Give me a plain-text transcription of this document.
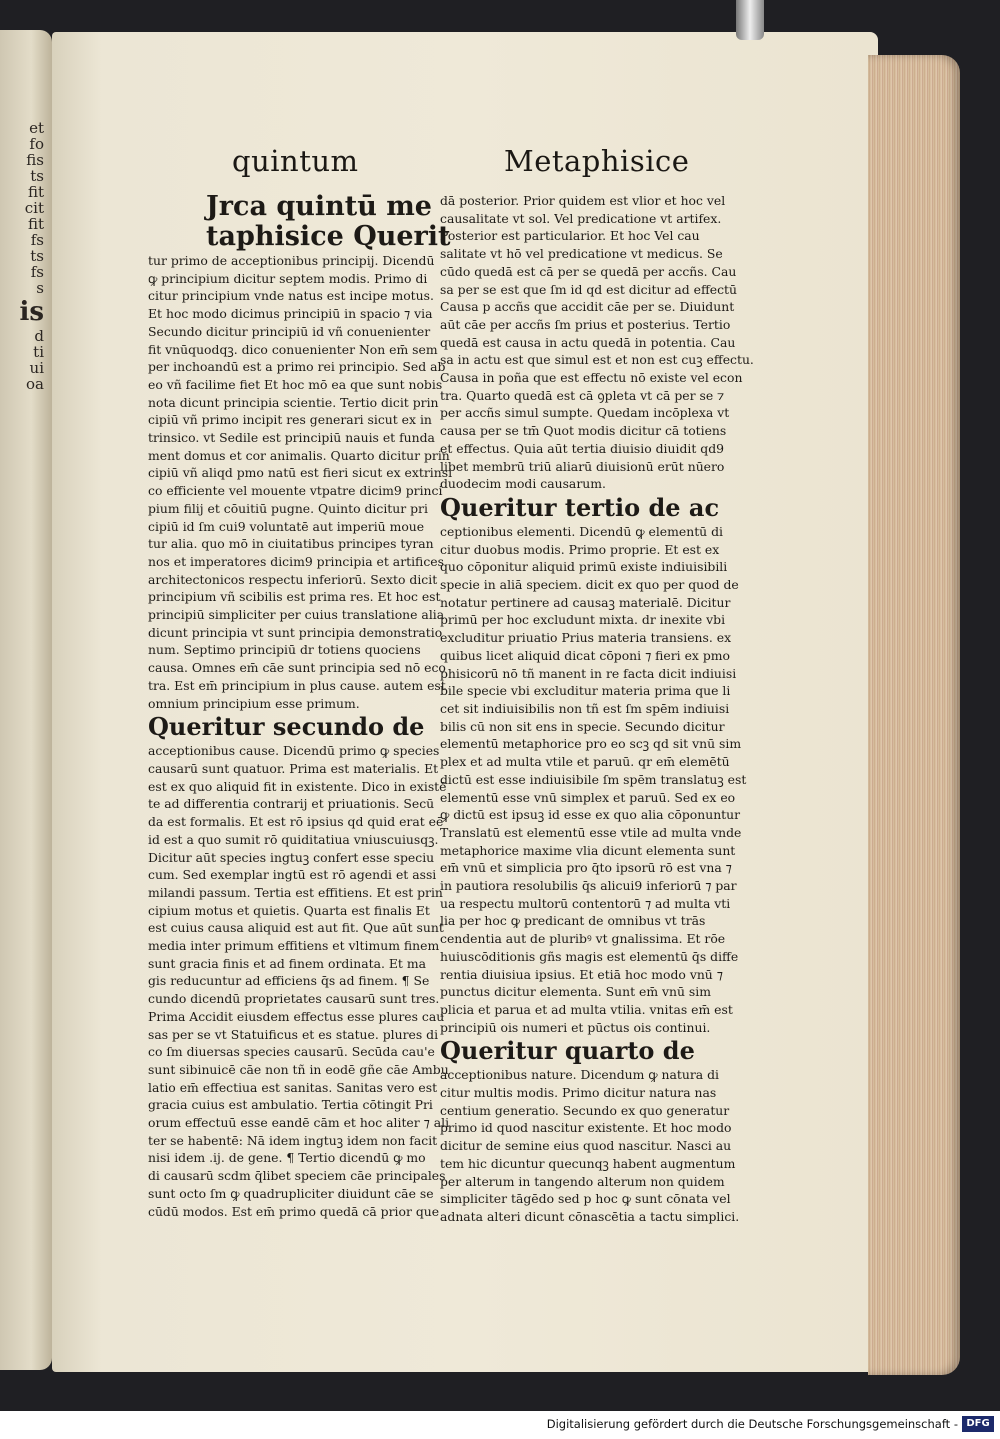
et
fo
fis
ts
fit
cit
fit
fs
ts
fs
s
is
d
ti
ui
oa
quintum	Metaphisice

Jrca quintū me

taphisice Querit

tur primo de acceptionibus principij. Dicendū

ꝙ principium dicitur septem modis. Primo di

citur principium vnde natus est incipe motus.

Et hoc modo dicimus principiū in spacio ⁊ via

Secundo dicitur principiū id vñ conuenienter

fit vnūquodqꝫ. dico conuenienter Non em̄ sem

per inchoandū est a primo rei principio. Sed ab

eo vñ facilime fiet Et hoc mō ea que sunt nobis

nota dicunt principia scientie. Tertio dicit prin

cipiū vñ primo incipit res generari sicut ex in

trinsico. vt Sedile est principiū nauis et funda

ment domus et cor animalis. Quarto dicitur prin

cipiū vñ aliqd pmo natū est fieri sicut ex extrinsi

co efficiente vel mouente vtpatre dicim9 princi

pium filij et cōuitiū pugne. Quinto dicitur pri

cipiū id ſm cui9 voluntatē aut imperiū moue

tur alia. quo mō in ciuitatibus principes tyran

nos et imperatores dicim9 principia et artifices

architectonicos respectu inferiorū. Sexto dicit

principium vñ scibilis est prima res. Et hoc est

principiū simpliciter per cuius translatione alia

dicunt principia vt sunt principia demonstratio

num. Septimo principiū dr totiens quociens

causa. Omnes em̄ cāe sunt principia sed nō eco

tra. Est em̄ principium in plus cause. autem est

omnium principium esse primum.

Queritur secundo de

acceptionibus cause. Dicendū primo ꝙ species

causarū sunt quatuor. Prima est materialis. Et

est ex quo aliquid fit in existente. Dico in existē

te ad differentia contrarij et priuationis. Secū

da est formalis. Et est rō ipsius qd quid erat eē

id est a quo sumit rō quiditatiua vniuscuiusqꝫ.

Dicitur aūt species ingtuꝫ confert esse speciu

cum. Sed exemplar ingtū est rō agendi et assi

milandi passum. Tertia est effitiens. Et est prin

cipium motus et quietis. Quarta est finalis Et

est cuius causa aliquid est aut fit. Que aūt sunt

media inter primum effitiens et vltimum finem

sunt gracia finis et ad finem ordinata. Et ma

gis reducuntur ad efficiens q̄s ad finem. ¶ Se

cundo dicendū proprietates causarū sunt tres.

Prima Accidit eiusdem effectus esse plures cau

sas per se vt Statuificus et es statue. plures di

co ſm diuersas species causarū. Secūda cau'e

sunt sibinuicē cāe non tñ in eodē gñe cāe Ambu

latio em̄ effectiua est sanitas. Sanitas vero est

gracia cuius est ambulatio. Tertia cōtingit Pri

orum effectuū esse eandē cām et hoc aliter ⁊ ali

ter se habentē: Nā idem ingtuꝫ idem non facit

nisi idem .ij. de gene. ¶ Tertio dicendū ꝙ mo

di causarū scdm q̄libet speciem cāe principales

sunt octo ſm ꝙ quadrupliciter diuidunt cāe se

cūdū modos. Est em̄ primo quedā cā prior que

dā posterior. Prior quidem est vlior et hoc vel

causalitate vt sol. Vel predicatione vt artifex.

Posterior est particularior. Et hoc Vel cau

salitate vt hō vel predicatione vt medicus. Se

cūdo quedā est cā per se quedā per accñs. Cau

sa per se est que ſm id qd est dicitur ad effectū

Causa p accñs que accidit cāe per se. Diuidunt

aūt cāe per accñs ſm prius et posterius. Tertio

quedā est causa in actu quedā in potentia. Cau

sa in actu est que simul est et non est cuꝫ effectu.

Causa in poña que est effectu nō existe vel econ

tra. Quarto quedā est cā ꝯpleta vt cā per se ⁊

per accñs simul sumpte. Quedam incōplexa vt

causa per se tm̄ Quot modis dicitur cā totiens

et effectus. Quia aūt tertia diuisio diuidit qd9

libet membrū triū aliarū diuisionū erūt nūero

duodecim modi causarum.

Queritur tertio de ac

ceptionibus elementi. Dicendū ꝙ elementū di

citur duobus modis. Primo proprie. Et est ex

quo cōponitur aliquid primū existe indiuisibili

specie in aliā speciem. dicit ex quo per quod de

notatur pertinere ad causaꝫ materialē. Dicitur

primū per hoc excludunt mixta. dr inexite vbi

excluditur priuatio Prius materia transiens. ex

quibus licet aliquid dicat cōponi ⁊ fieri ex pmo

phisicorū nō tñ manent in re facta dicit indiuisi

bile specie vbi excluditur materia prima que li

cet sit indiuisibilis non tñ est ſm spēm indiuisi

bilis cū non sit ens in specie. Secundo dicitur

elementū metaphorice pro eo scꝫ qd sit vnū sim

plex et ad multa vtile et paruū. qr em̄ elemētū

dictū est esse indiuisibile ſm spēm translatuꝫ est

elementū esse vnū simplex et paruū. Sed ex eo

ꝙ dictū est ipsuꝫ id esse ex quo alia cōponuntur

Translatū est elementū esse vtile ad multa vnde

metaphorice maxime vlia dicunt elementa sunt

em̄ vnū et simplicia pro q̄to ipsorū rō est vna ⁊

in pautiora resolubilis q̄s alicui9 inferiorū ⁊ par

ua respectu multorū contentorū ⁊ ad multa vti

lia per hoc ꝙ predicant de omnibus vt trās

cendentia aut de pluribꝰ vt gnalissima. Et rōe

huiuscōditionis gñs magis est elementū q̄s diffe

rentia diuisiua ipsius. Et etiā hoc modo vnū ⁊

punctus dicitur elementa. Sunt em̄ vnū sim

plicia et parua et ad multa vtilia. vnitas em̄ est

principiū ois numeri et pūctus ois continui.

Queritur quarto de

acceptionibus nature. Dicendum ꝙ natura di

citur multis modis. Primo dicitur natura nas

centium generatio. Secundo ex quo generatur

primo id quod nascitur existente. Et hoc modo

dicitur de semine eius quod nascitur. Nasci au

tem hic dicuntur quecunqꝫ habent augmentum

per alterum in tangendo alterum non quidem

simpliciter tāgēdo sed p hoc ꝙ sunt cōnata vel

adnata alteri dicunt cōnascētia a tactu simplici.

Digitalisierung gefördert durch die Deutsche Forschungsgemeinschaft - DFG
